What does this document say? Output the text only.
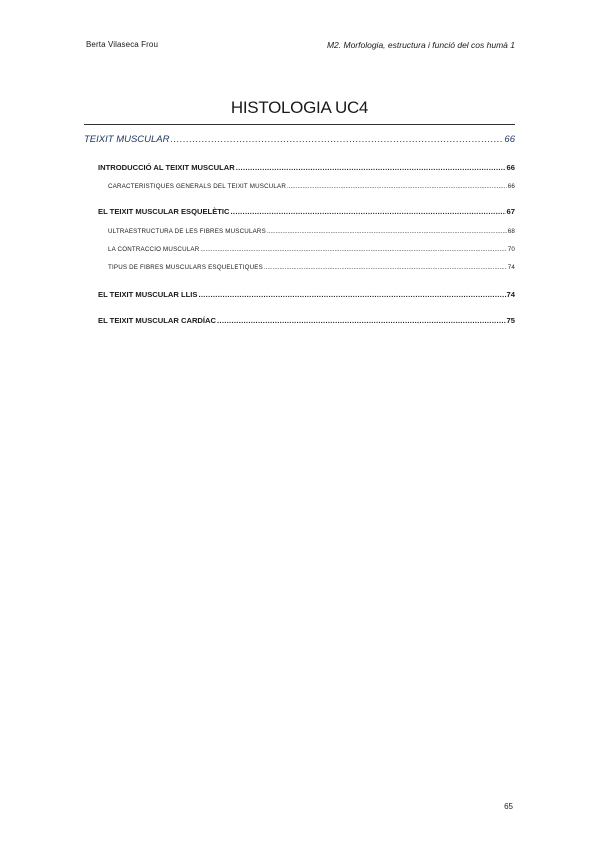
Berta Vilaseca Frou	M2. Morfologia, estructura i funció del cos humà 1
HISTOLOGIA UC4
TEIXIT MUSCULAR .....	66
INTRODUCCIÓ AL TEIXIT MUSCULAR .....	66
CARACTERÍSTIQUES GENERALS DEL TEIXIT MUSCULAR .....	66
EL TEIXIT MUSCULAR ESQUELÈTIC .....	67
ULTRAESTRUCTURA DE LES FIBRES MUSCULARS .....	68
LA CONTRACCIÓ MUSCULAR .....	70
TIPUS DE FIBRES MUSCULARS ESQUELÈTIQUES .....	74
EL TEIXIT MUSCULAR LLIS .....	74
EL TEIXIT MUSCULAR CARDÍAC .....	75
65
